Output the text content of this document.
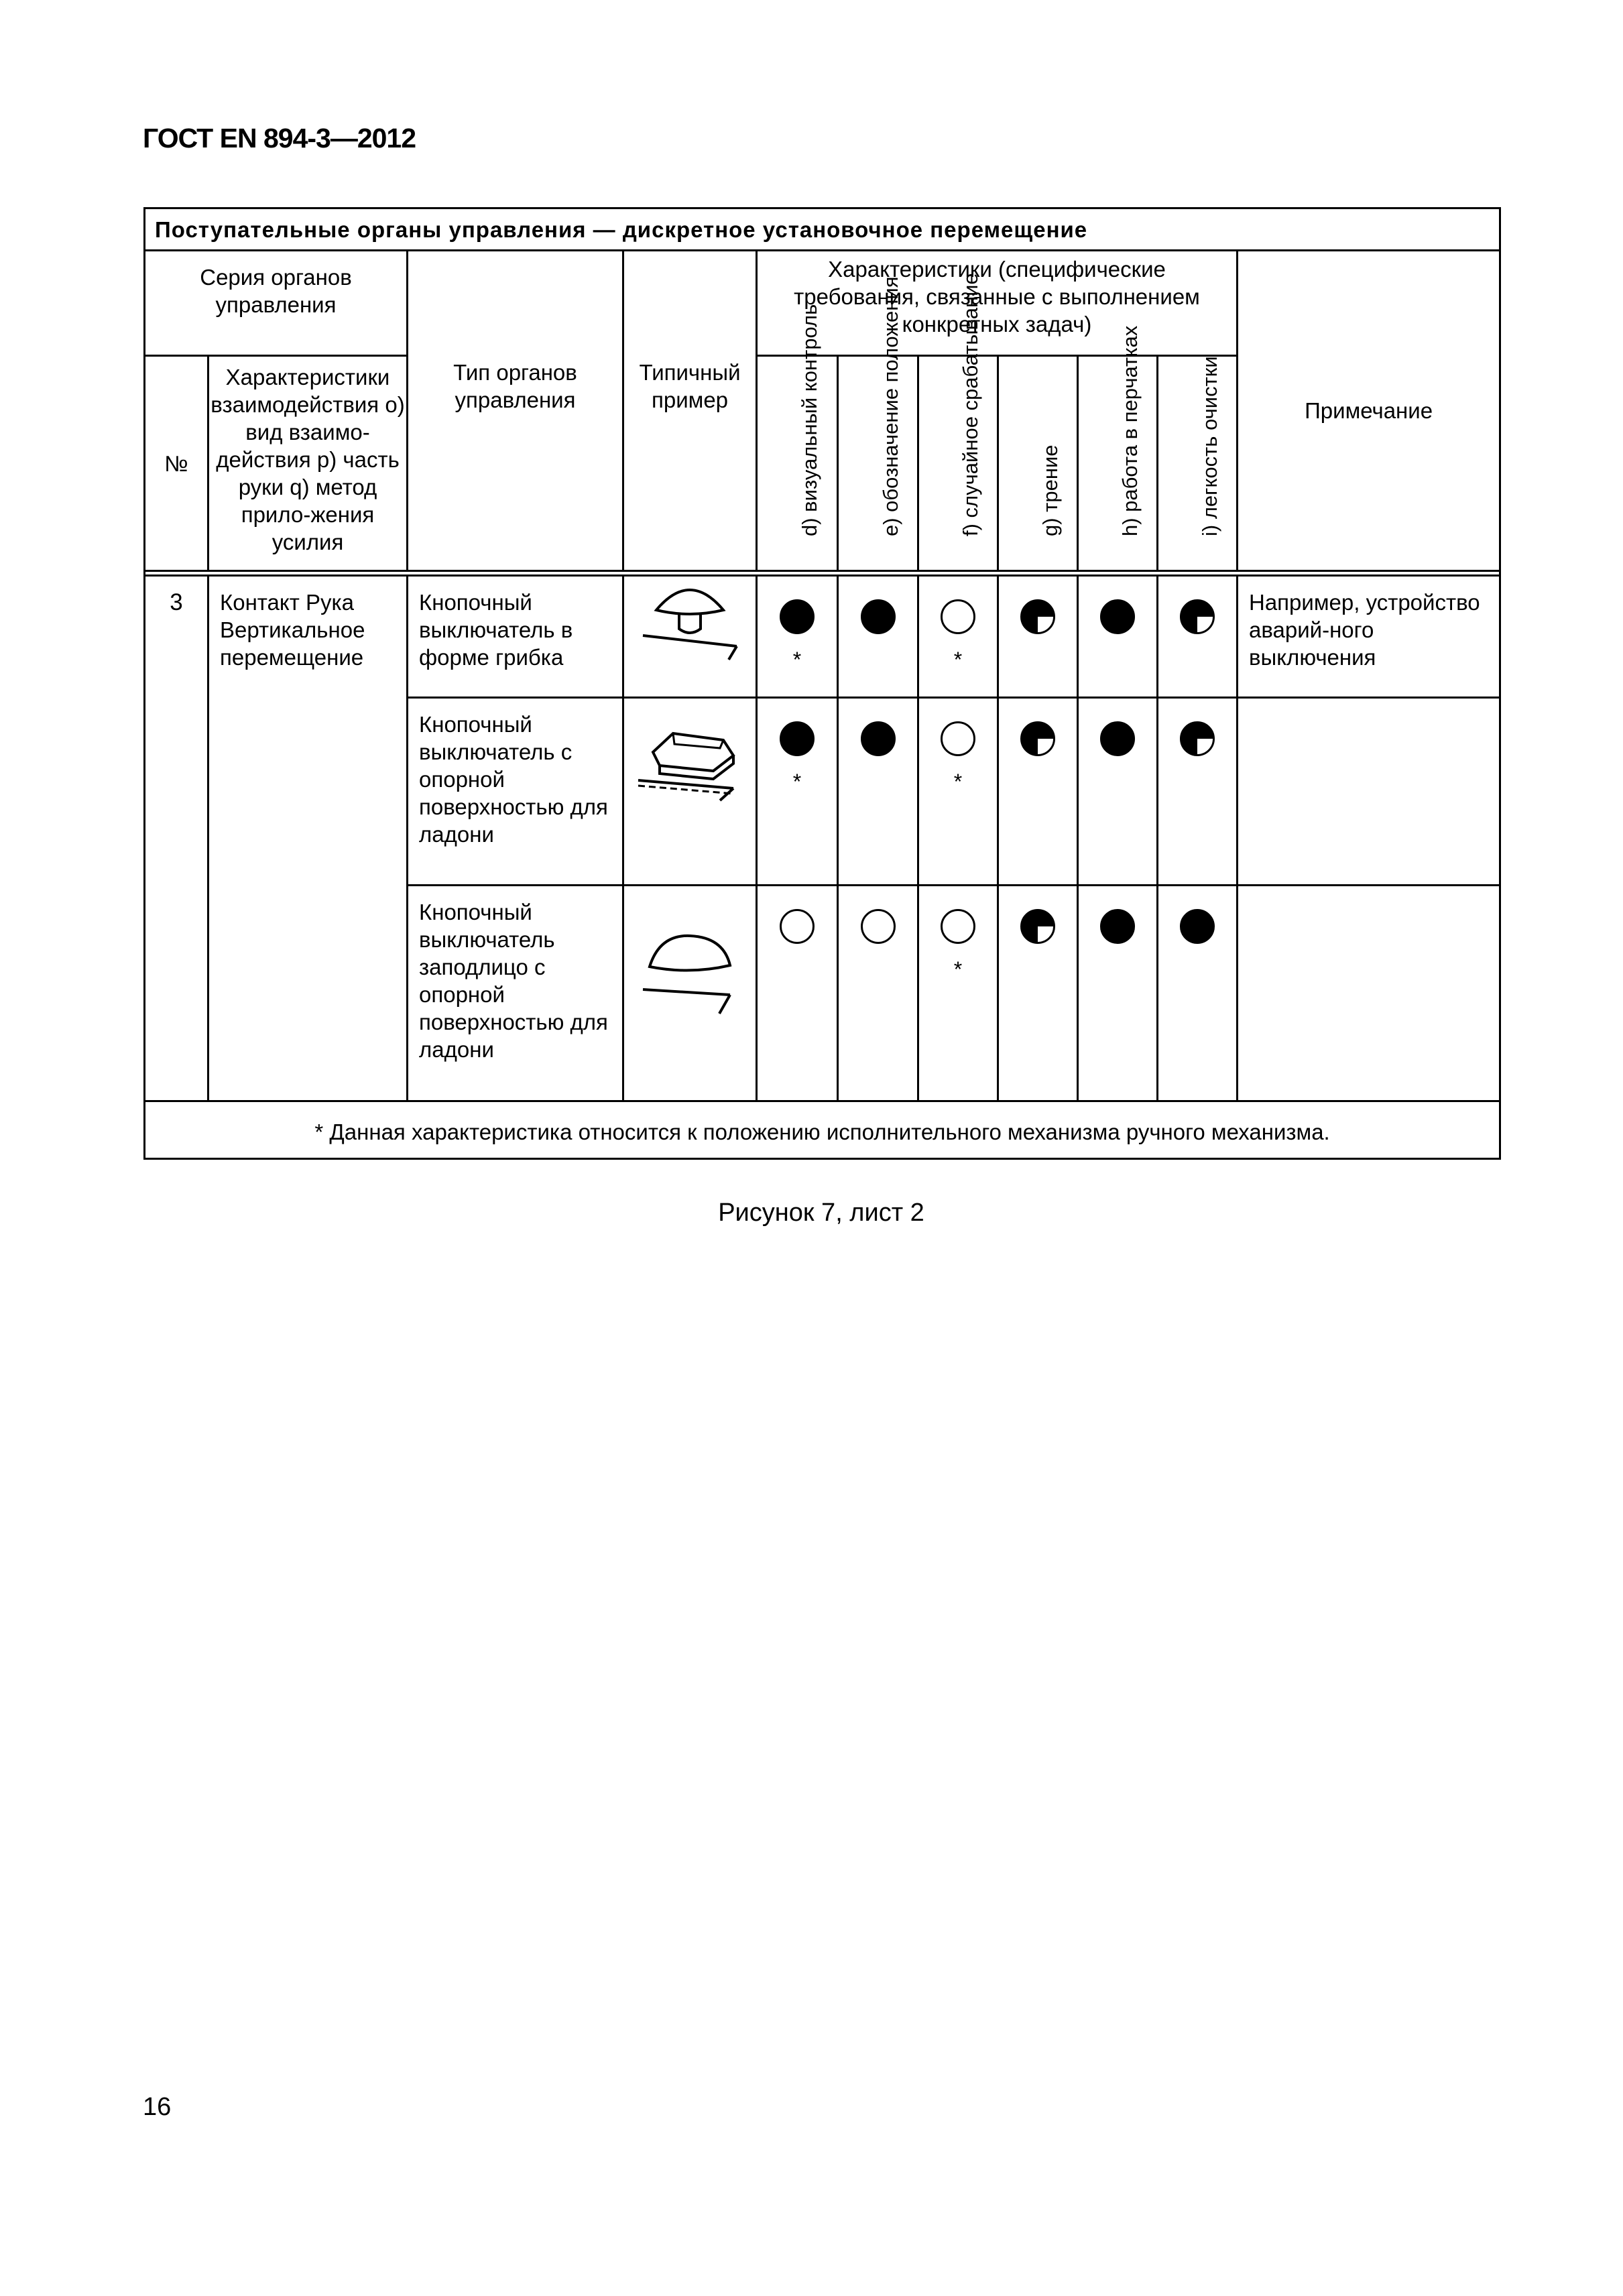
ГОСТ EN 894-3—2012
Поступательные органы управления — дискретное установочное перемещение										
Серия органов управления		Тип органов управления	Типичный пример	Характеристики (специфические требования, связанные с выполнением конкретных задач)						Примечание
№	Характеристики взаимодействия o) вид взаимо-действия p) часть руки q) метод прило-жения усилия			d) визуальный контроль	e) обозначение положения	f) случайное срабатывание	g) трение	h) работа в перчатках	i) легкость очистки	

3	Контакт Рука Вертикальное перемещение	Кнопочный выключатель в форме грибка		*		*				Например, устройство аварий-ного выключения
		Кнопочный выключатель с опорной поверхностью для ладони		*		*				

		Кнопочный выключатель заподлицо с опорной поверхностью для ладони				*				

* Данная характеристика относится к положению исполнительного механизма ручного механизма.										
Рисунок 7, лист 2
16
